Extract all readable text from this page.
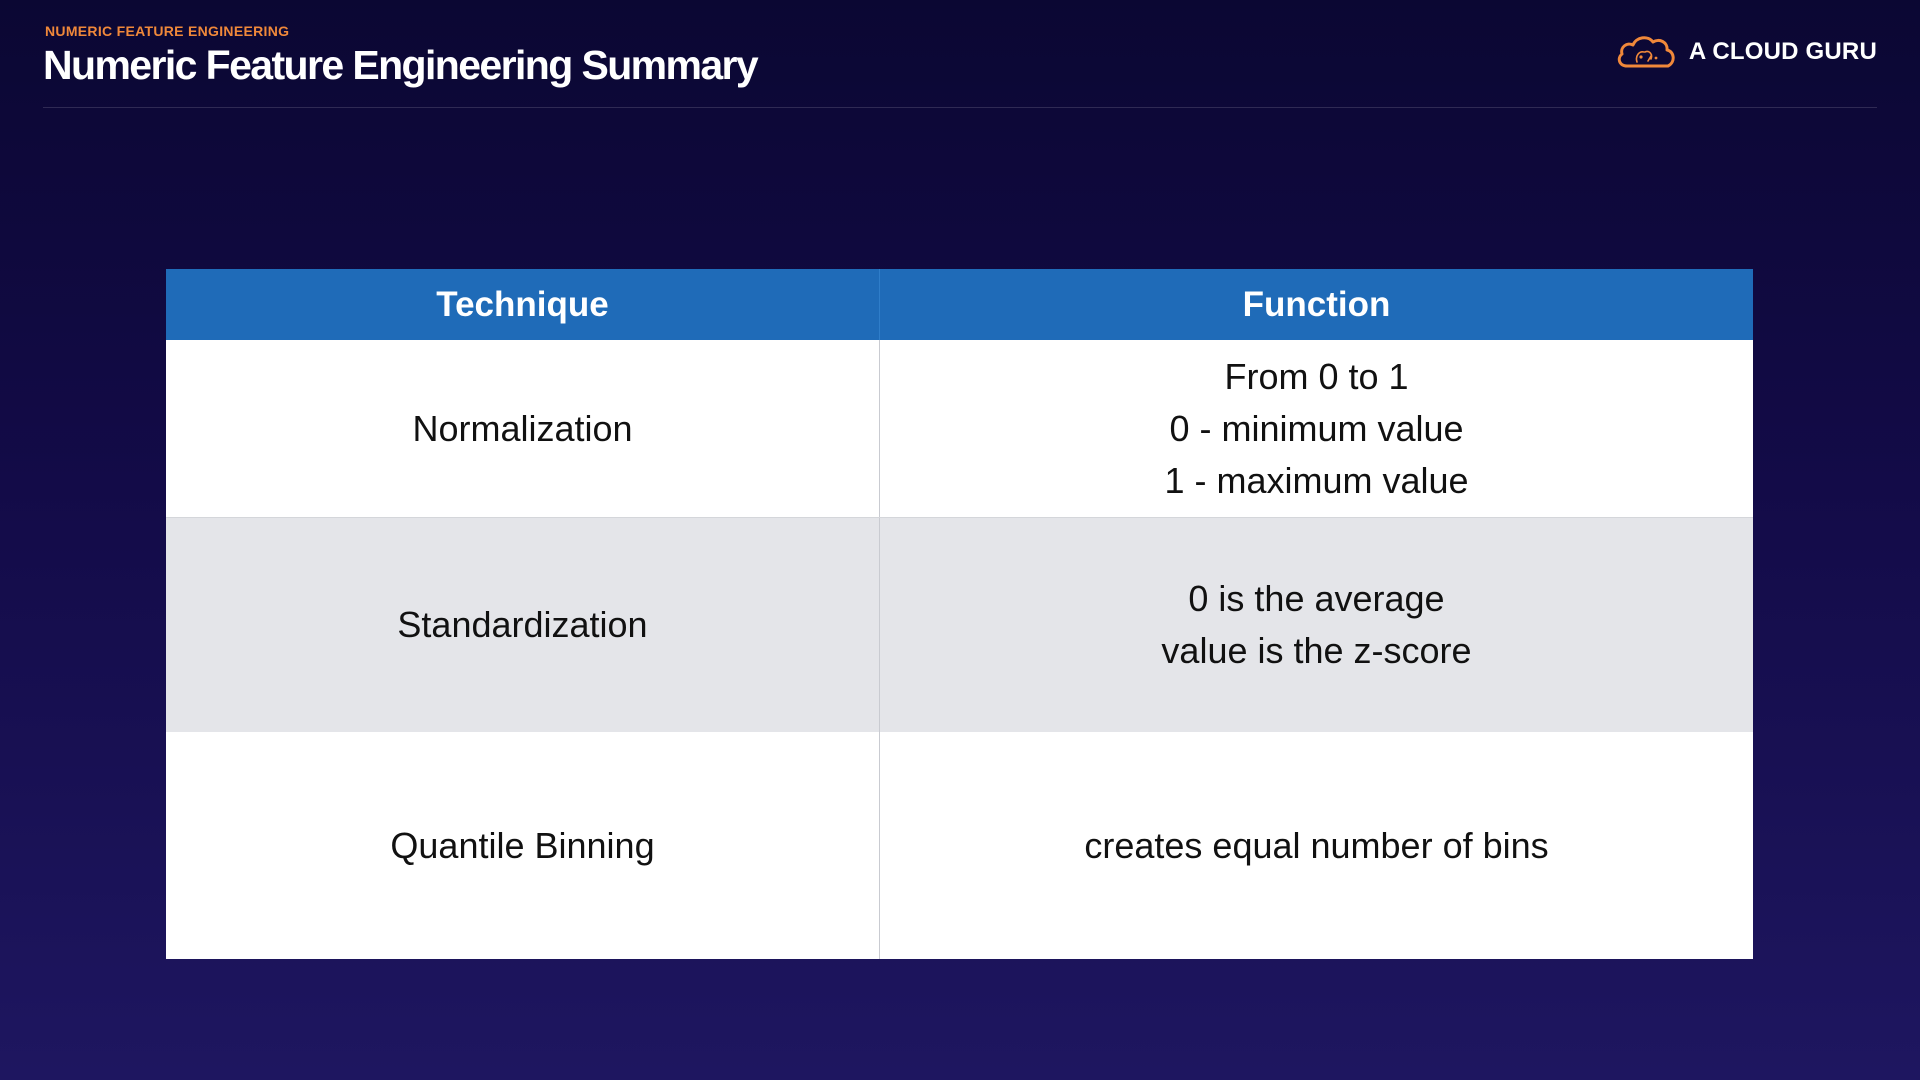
NUMERIC FEATURE ENGINEERING
Numeric Feature Engineering Summary	A CLOUD GURU
Technique	Function
Normalization	From 0 to 1
0 - minimum value
1 - maximum value

Standardization	0 is the average
value is the z-score

Quantile Binning	creates equal number of bins
